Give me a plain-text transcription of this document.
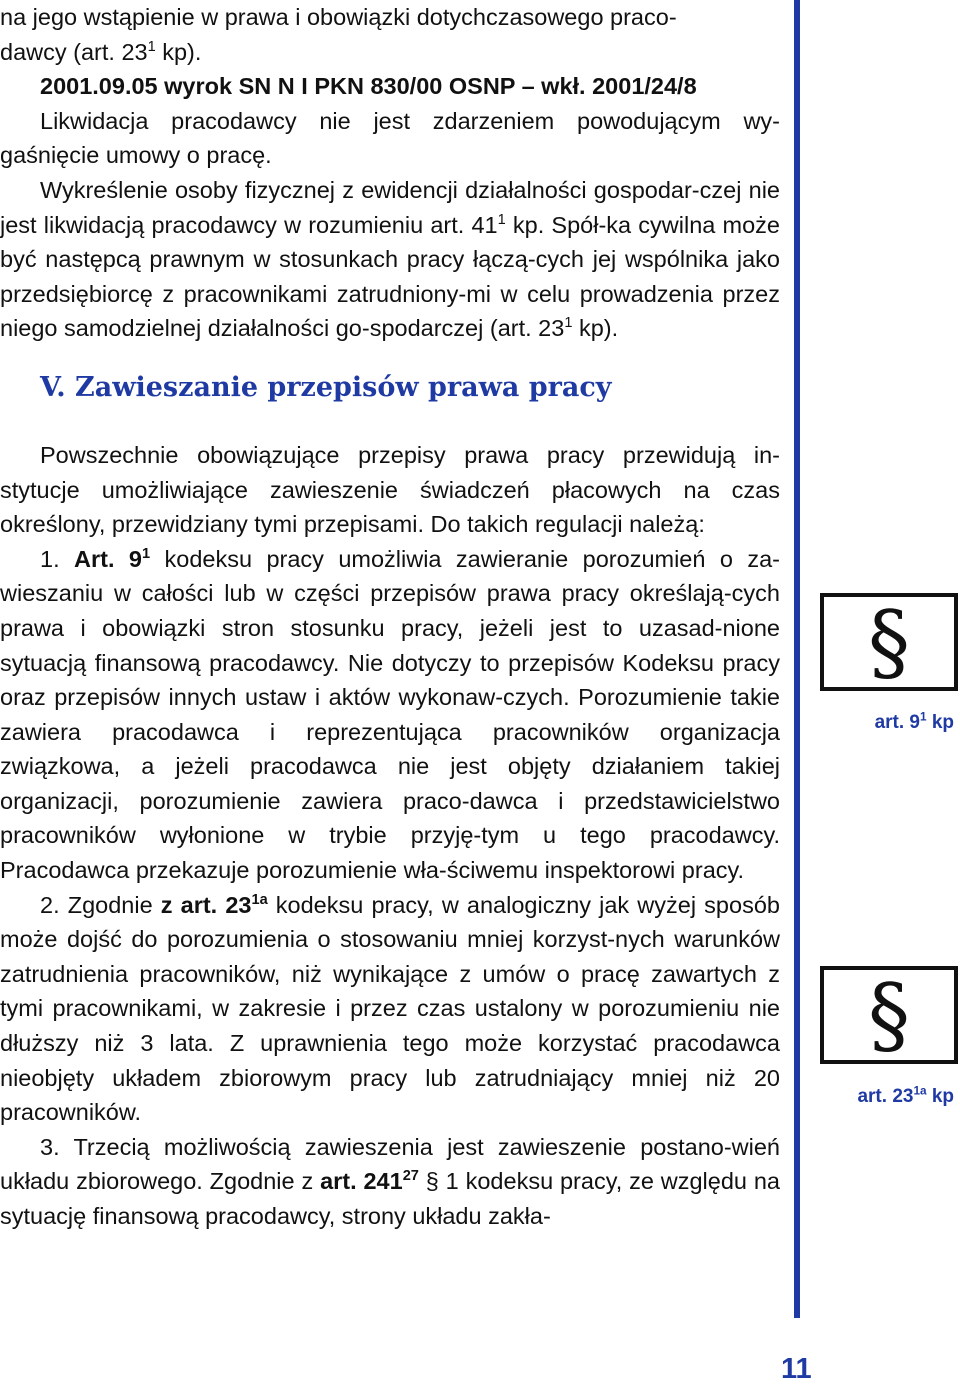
na jego wstąpienie w prawa i obowiązki dotychczasowego praco-
dawcy (art. $23^1$ kp).

2001.09.05 wyrok SN N I PKN 830/00 OSNP – wkł. 2001/24/8

Likwidacja pracodawcy nie jest zdarzeniem powodującym wy-gaśnięcie umowy o pracę.

Wykreślenie osoby fizycznej z ewidencji działalności gospodar-czej nie jest likwidacją pracodawcy w rozumieniu art. $41^1$ kp. Spół-ka cywilna może być następcą prawnym w stosunkach pracy łączą-cych jej wspólnika jako przedsiębiorcę z pracownikami zatrudniony-mi w celu prowadzenia przez niego samodzielnej działalności go-spodarczej (art. $23^1$ kp).

V. Zawieszanie przepisów prawa pracy

Powszechnie obowiązujące przepisy prawa pracy przewidują in-stytucje umożliwiające zawieszenie świadczeń płacowych na czas określony, przewidziany tymi przepisami. Do takich regulacji należą:

1. Art. $9^1$ kodeksu pracy umożliwia zawieranie porozumień o za-wieszaniu w całości lub w części przepisów prawa pracy określają-cych prawa i obowiązki stron stosunku pracy, jeżeli jest to uzasad-nione sytuacją finansową pracodawcy. Nie dotyczy to przepisów Kodeksu pracy oraz przepisów innych ustaw i aktów wykonaw-czych. Porozumienie takie zawiera pracodawca i reprezentująca pracowników organizacja związkowa, a jeżeli pracodawca nie jest objęty działaniem takiej organizacji, porozumienie zawiera praco-dawca i przedstawicielstwo pracowników wyłonione w trybie przyję-tym u tego pracodawcy. Pracodawca przekazuje porozumienie wła-ściwemu inspektorowi pracy.

2. Zgodnie z art. $23^{1a}$ kodeksu pracy, w analogiczny jak wyżej sposób może dojść do porozumienia o stosowaniu mniej korzyst-nych warunków zatrudnienia pracowników, niż wynikające z umów o pracę zawartych z tymi pracownikami, w zakresie i przez czas ustalony w porozumieniu nie dłuższy niż 3 lata. Z uprawnienia tego może korzystać pracodawca nieobjęty układem zbiorowym pracy lub zatrudniający mniej niż 20 pracowników.

3. Trzecią możliwością zawieszenia jest zawieszenie postano-wień układu zbiorowego. Zgodnie z art. $241^{27}$ § 1 kodeksu pracy, ze względu na sytuację finansową pracodawcy, strony układu zakła-

§
art. $9^1$ kp
§
art. $23^{1a}$ kp
11
